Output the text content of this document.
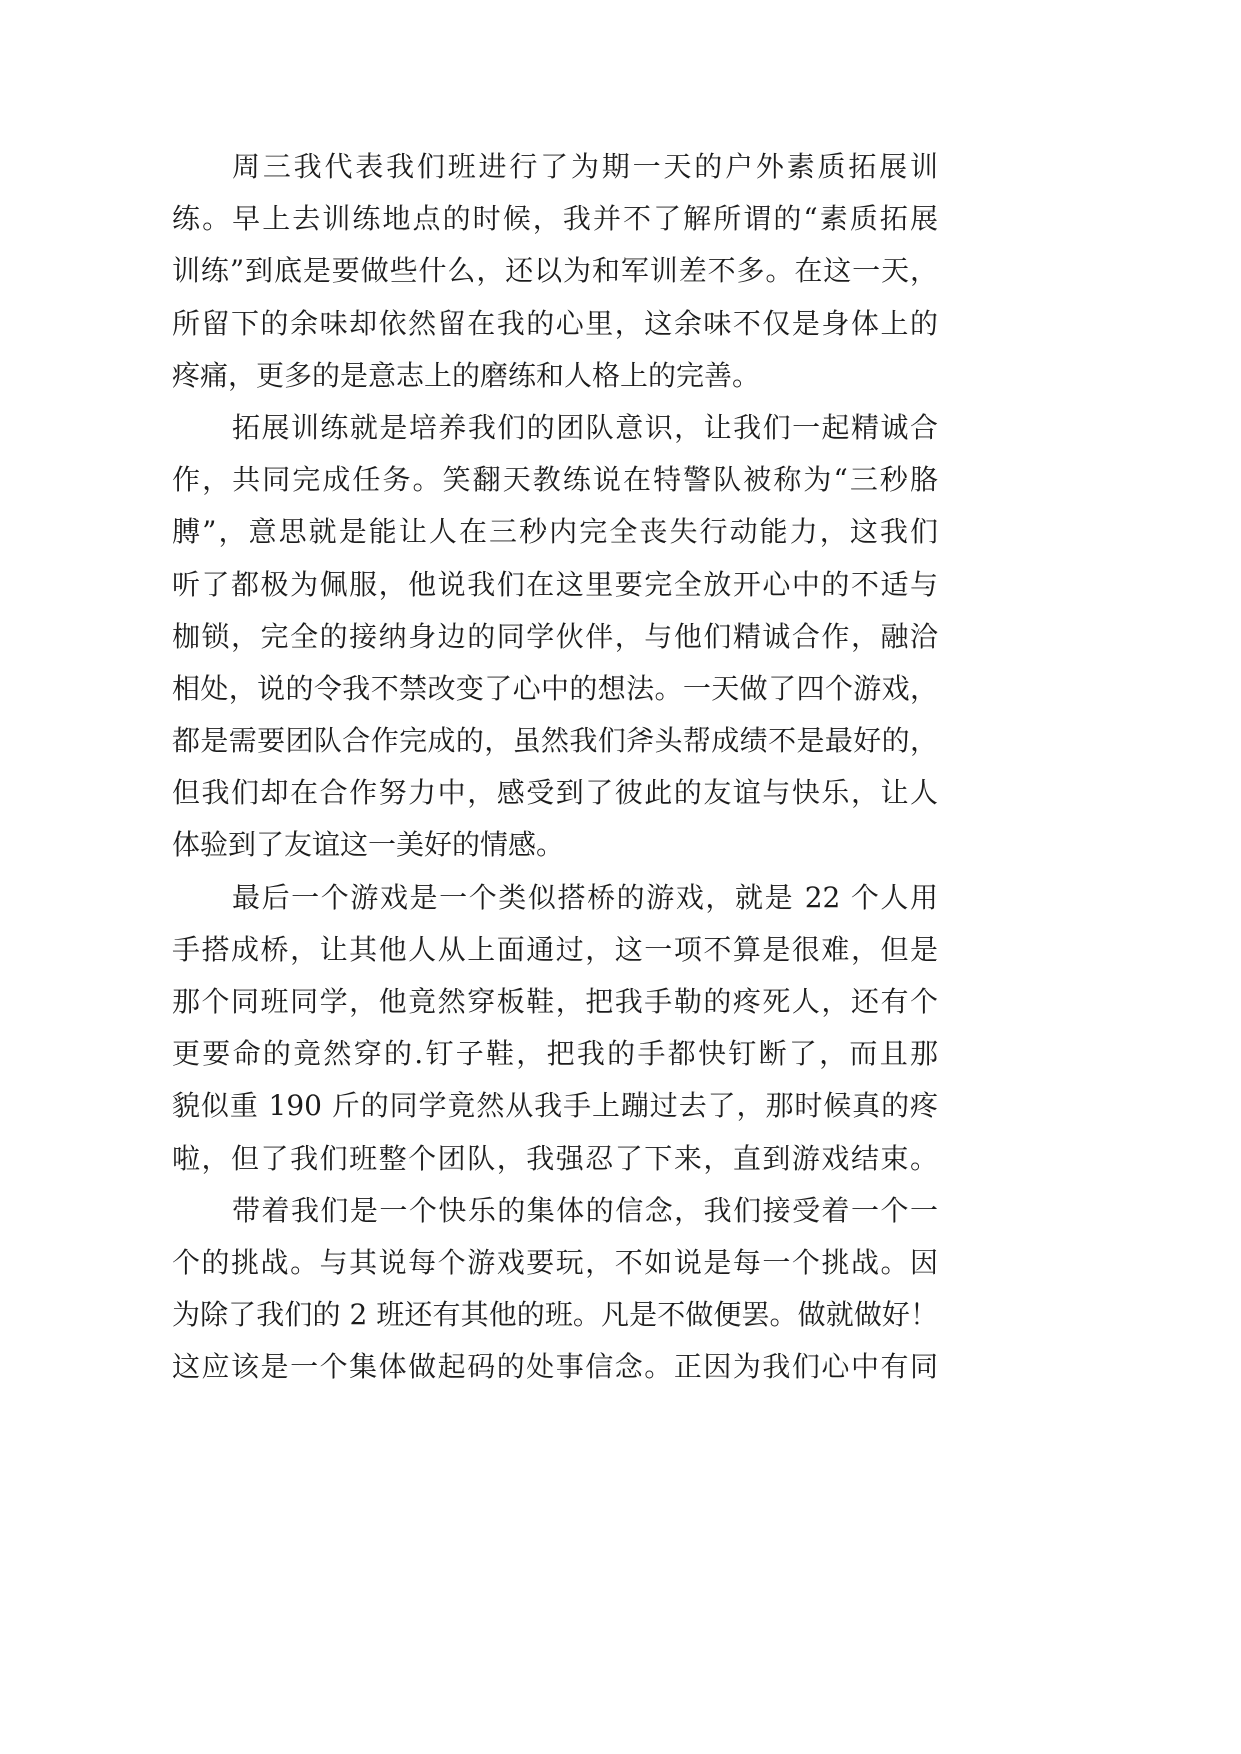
周三我代表我们班进行了为期一天的户外素质拓展训
练。早上去训练地点的时候，我并不了解所谓的“素质拓展
训练”到底是要做些什么，还以为和军训差不多。在这一天，
所留下的余味却依然留在我的心里，这余味不仅是身体上的
疼痛，更多的是意志上的磨练和人格上的完善。
拓展训练就是培养我们的团队意识，让我们一起精诚合
作，共同完成任务。笑翻天教练说在特警队被称为“三秒胳
膊”，意思就是能让人在三秒内完全丧失行动能力，这我们
听了都极为佩服，他说我们在这里要完全放开心中的不适与
枷锁，完全的接纳身边的同学伙伴，与他们精诚合作，融洽
相处，说的令我不禁改变了心中的想法。一天做了四个游戏，
都是需要团队合作完成的，虽然我们斧头帮成绩不是最好的，
但我们却在合作努力中，感受到了彼此的友谊与快乐，让人
体验到了友谊这一美好的情感。
最后一个游戏是一个类似搭桥的游戏，就是 22 个人用
手搭成桥，让其他人从上面通过，这一项不算是很难，但是
那个同班同学，他竟然穿板鞋，把我手勒的疼死人，还有个
更要命的竟然穿的.钉子鞋，把我的手都快钉断了，而且那
貌似重 190 斤的同学竟然从我手上蹦过去了，那时候真的疼
啦，但了我们班整个团队，我强忍了下来，直到游戏结束。
带着我们是一个快乐的集体的信念，我们接受着一个一
个的挑战。与其说每个游戏要玩，不如说是每一个挑战。因
为除了我们的 2 班还有其他的班。凡是不做便罢。做就做好！
这应该是一个集体做起码的处事信念。正因为我们心中有同
